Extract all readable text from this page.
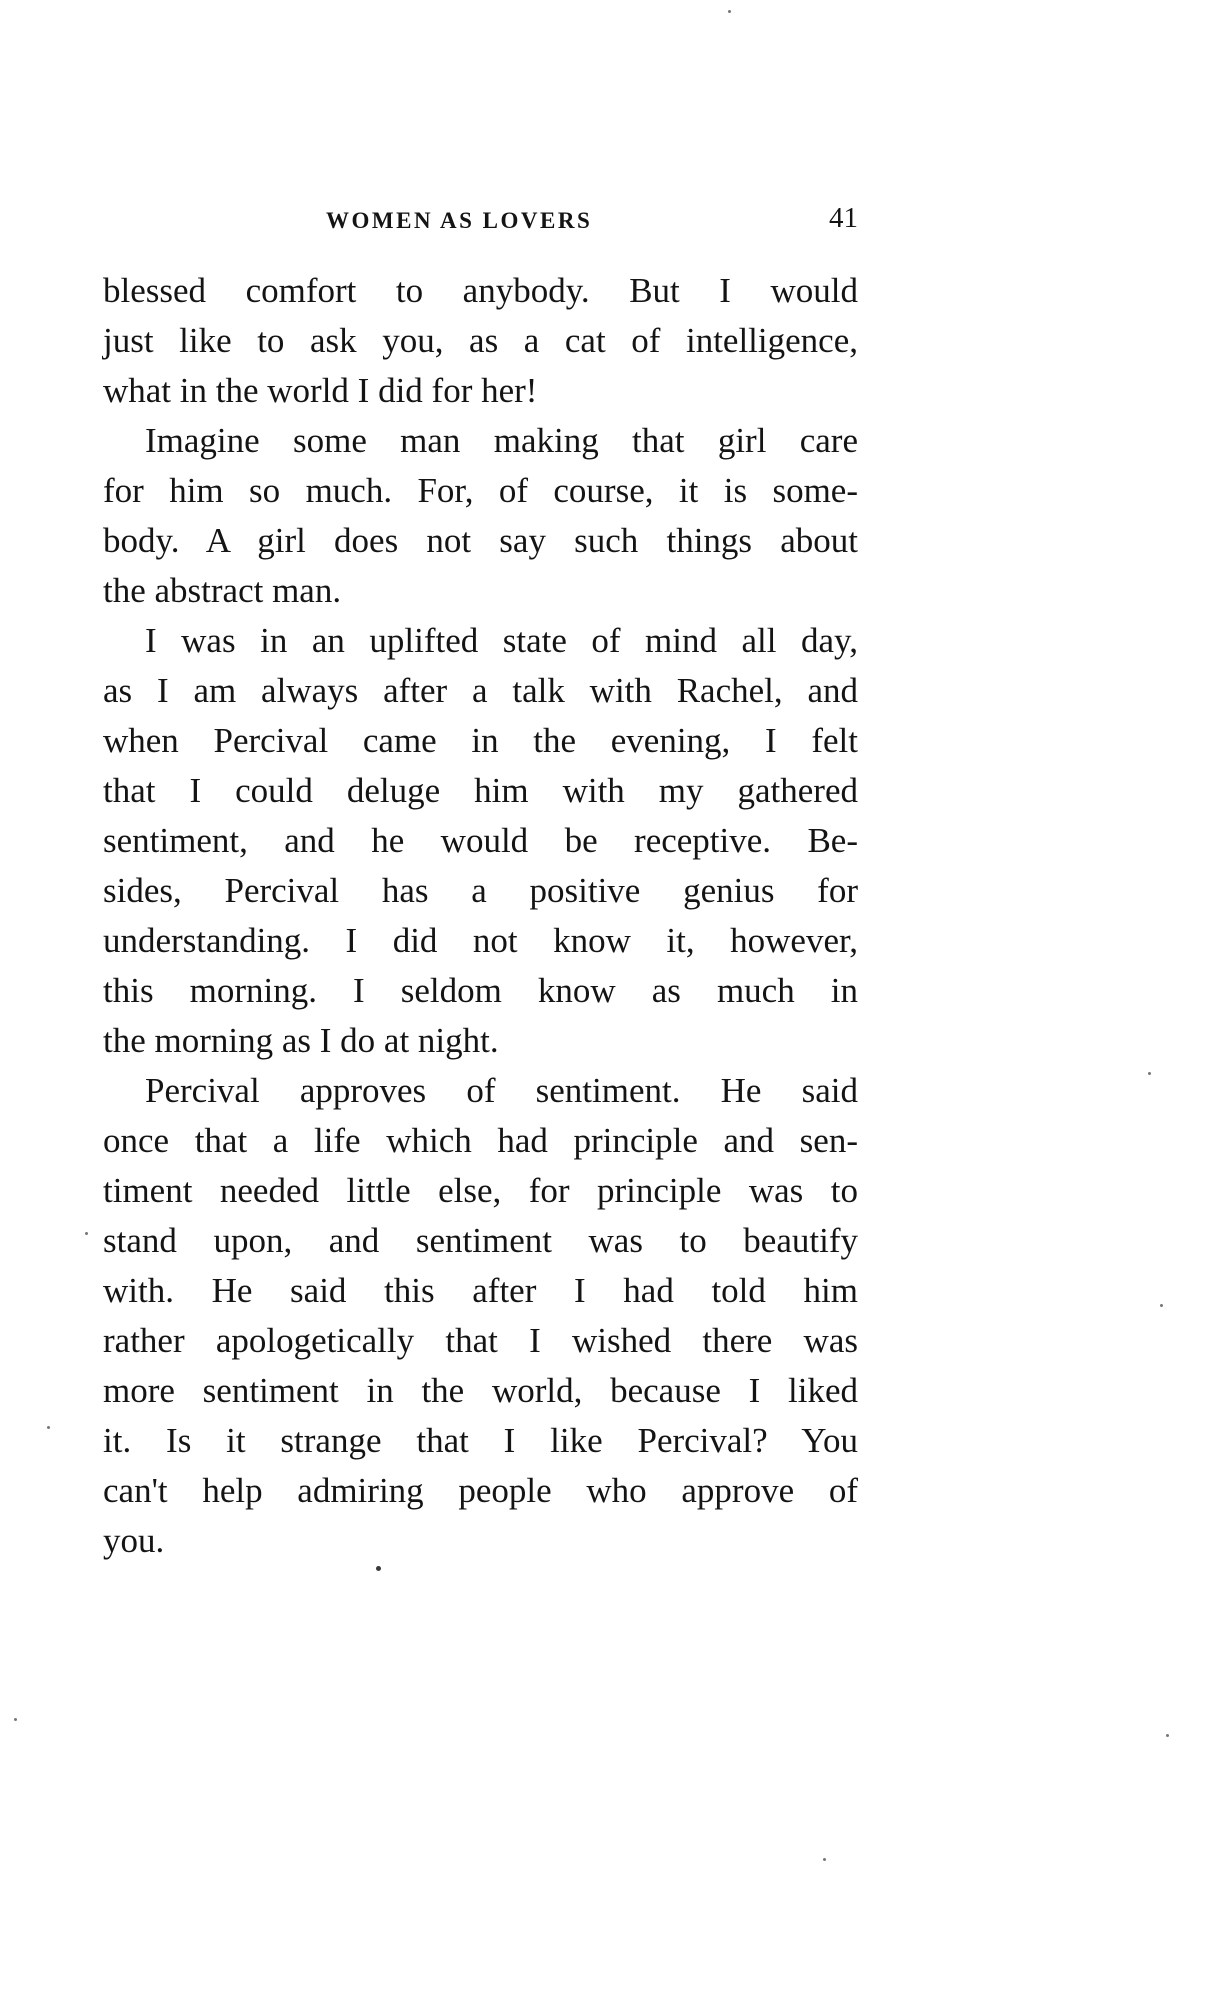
WOMEN AS LOVERS	41
blessed comfort to anybody. But I would
just like to ask you, as a cat of intelligence,
what in the world I did for her!
Imagine some man making that girl care
for him so much. For, of course, it is some-
body. A girl does not say such things about
the abstract man.
I was in an uplifted state of mind all day,
as I am always after a talk with Rachel, and
when Percival came in the evening, I felt
that I could deluge him with my gathered
sentiment, and he would be receptive. Be-
sides, Percival has a positive genius for
understanding. I did not know it, however,
this morning. I seldom know as much in
the morning as I do at night.
Percival approves of sentiment. He said
once that a life which had principle and sen-
timent needed little else, for principle was to
stand upon, and sentiment was to beautify
with. He said this after I had told him
rather apologetically that I wished there was
more sentiment in the world, because I liked
it. Is it strange that I like Percival? You
can't help admiring people who approve of
you.
